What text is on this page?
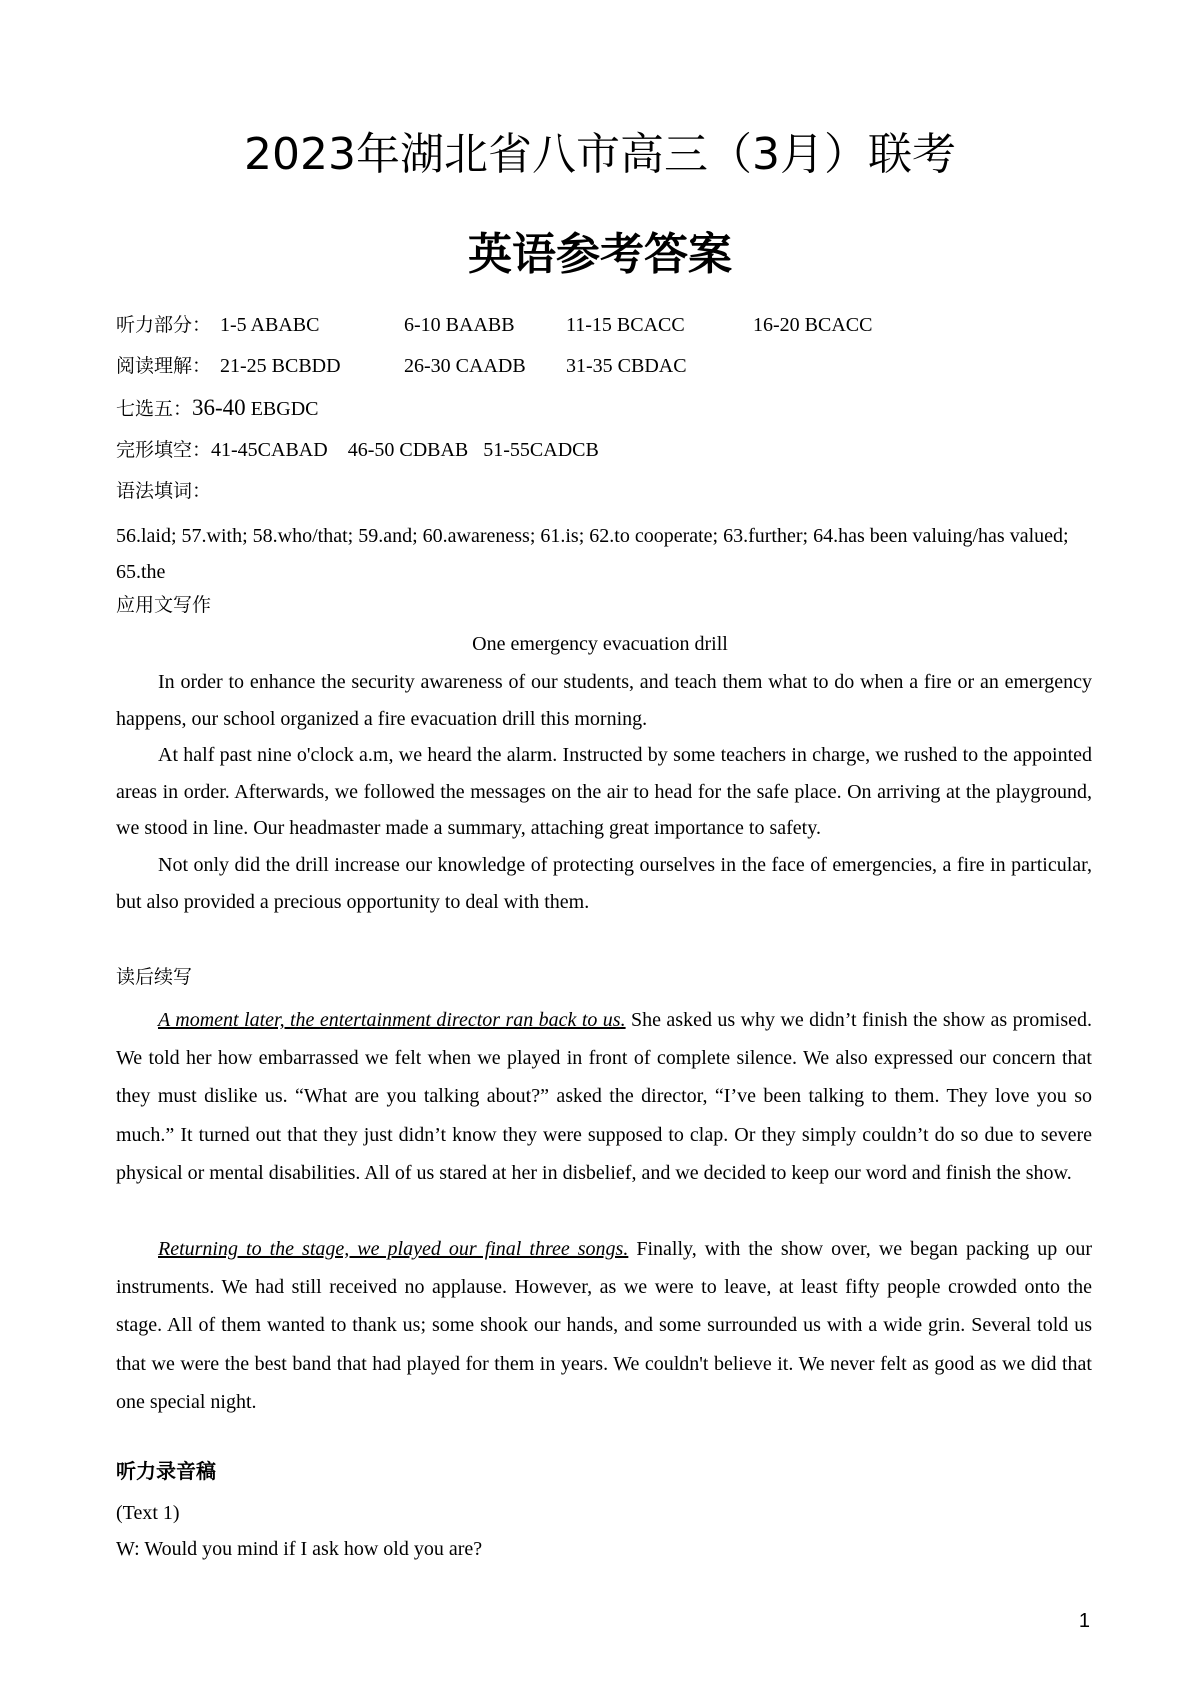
2023年湖北省八市高三（3月）联考
英语参考答案
听力部分： 1-5 ABABC	6-10 BAABB	11-15 BCACC	16-20 BCACC
阅读理解： 21-25 BCBDD	26-30 CAADB 31-35 CBDAC
七选五：36-40 EBGDC
完形填空：41-45CABAD 46-50 CDBAB 51-55CADCB
语法填词：
56.laid; 57.with; 58.who/that; 59.and; 60.awareness; 61.is; 62.to cooperate; 63.further; 64.has been valuing/has valued; 65.the
应用文写作
One emergency evacuation drill
In order to enhance the security awareness of our students, and teach them what to do when a fire or an emergency happens, our school organized a fire evacuation drill this morning.
At half past nine o'clock a.m, we heard the alarm. Instructed by some teachers in charge, we rushed to the appointed areas in order. Afterwards, we followed the messages on the air to head for the safe place. On arriving at the playground, we stood in line. Our headmaster made a summary, attaching great importance to safety.
Not only did the drill increase our knowledge of protecting ourselves in the face of emergencies, a fire in particular, but also provided a precious opportunity to deal with them.
读后续写
A moment later, the entertainment director ran back to us. She asked us why we didn’t finish the show as promised. We told her how embarrassed we felt when we played in front of complete silence. We also expressed our concern that they must dislike us. “What are you talking about?” asked the director, “I’ve been talking to them. They love you so much.” It turned out that they just didn’t know they were supposed to clap. Or they simply couldn’t do so due to severe physical or mental disabilities. All of us stared at her in disbelief, and we decided to keep our word and finish the show.
Returning to the stage, we played our final three songs. Finally, with the show over, we began packing up our instruments. We had still received no applause. However, as we were to leave, at least fifty people crowded onto the stage. All of them wanted to thank us; some shook our hands, and some surrounded us with a wide grin. Several told us that we were the best band that had played for them in years. We couldn't believe it. We never felt as good as we did that one special night.
听力录音稿
(Text 1)
W: Would you mind if I ask how old you are?
1
